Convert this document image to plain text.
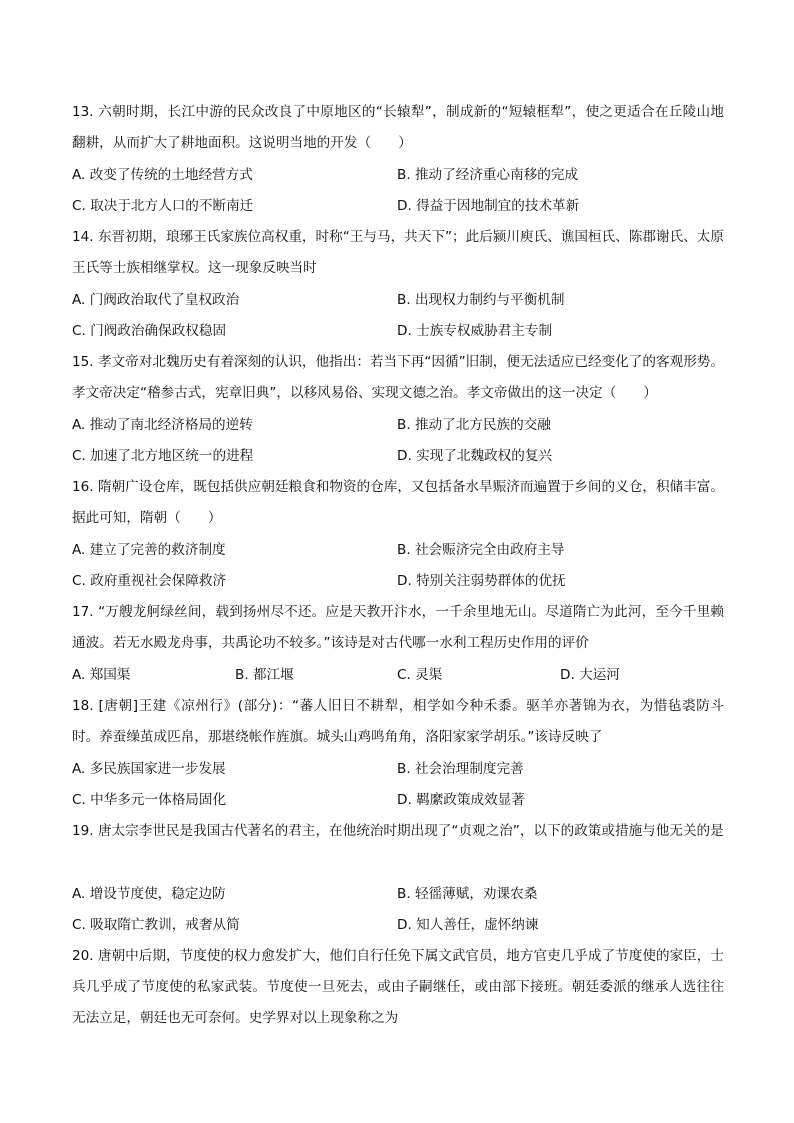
13. 六朝时期，长江中游的民众改良了中原地区的“长辕犁”，制成新的“短辕框犁”，使之更适合在丘陵山地翻耕，从而扩大了耕地面积。这说明当地的开发（　　）

A. 改变了传统的土地经营方式	B. 推动了经济重心南移的完成
C. 取决于北方人口的不断南迁	D. 得益于因地制宜的技术革新

14. 东晋初期，琅琊王氏家族位高权重，时称“王与马，共天下”；此后颍川庾氏、谯国桓氏、陈郡谢氏、太原王氏等士族相继掌权。这一现象反映当时

A. 门阀政治取代了皇权政治	B. 出现权力制约与平衡机制
C. 门阀政治确保政权稳固	D. 士族专权威胁君主专制

15. 孝文帝对北魏历史有着深刻的认识，他指出：若当下再“因循”旧制，便无法适应已经变化了的客观形势。孝文帝决定“稽参古式，宪章旧典”，以移风易俗、实现文德之治。孝文帝做出的这一决定（　　）

A. 推动了南北经济格局的逆转	B. 推动了北方民族的交融
C. 加速了北方地区统一的进程	D. 实现了北魏政权的复兴

16. 隋朝广设仓库，既包括供应朝廷粮食和物资的仓库，又包括备水旱赈济而遍置于乡间的义仓，积储丰富。据此可知，隋朝（　　）

A. 建立了完善的救济制度	B. 社会赈济完全由政府主导
C. 政府重视社会保障救济	D. 特别关注弱势群体的优抚

17. “万艘龙舸绿丝间，载到扬州尽不还。应是天教开汴水，一千余里地无山。尽道隋亡为此河，至今千里赖通波。若无水殿龙舟事，共禹论功不较多。”该诗是对古代哪一水利工程历史作用的评价

A. 郑国渠	B. 都江堰	C. 灵渠	D. 大运河

18. [唐朝]王建《凉州行》(部分)：“蕃人旧日不耕犁，相学如今种禾黍。驱羊亦著锦为衣，为惜毡裘防斗时。养蚕缲茧成匹帛，那堪绕帐作旌旗。城头山鸡鸣角角，洛阳家家学胡乐。”该诗反映了

A. 多民族国家进一步发展	B. 社会治理制度完善
C. 中华多元一体格局固化	D. 羁縻政策成效显著

19. 唐太宗李世民是我国古代著名的君主，在他统治时期出现了“贞观之治”，以下的政策或措施与他无关的是

A. 增设节度使，稳定边防	B. 轻徭薄赋，劝课农桑
C. 吸取隋亡教训，戒奢从简	D. 知人善任，虚怀纳谏

20. 唐朝中后期，节度使的权力愈发扩大，他们自行任免下属文武官员，地方官吏几乎成了节度使的家臣，士兵几乎成了节度使的私家武装。节度使一旦死去，或由子嗣继任，或由部下接班。朝廷委派的继承人选往往无法立足，朝廷也无可奈何。史学界对以上现象称之为
